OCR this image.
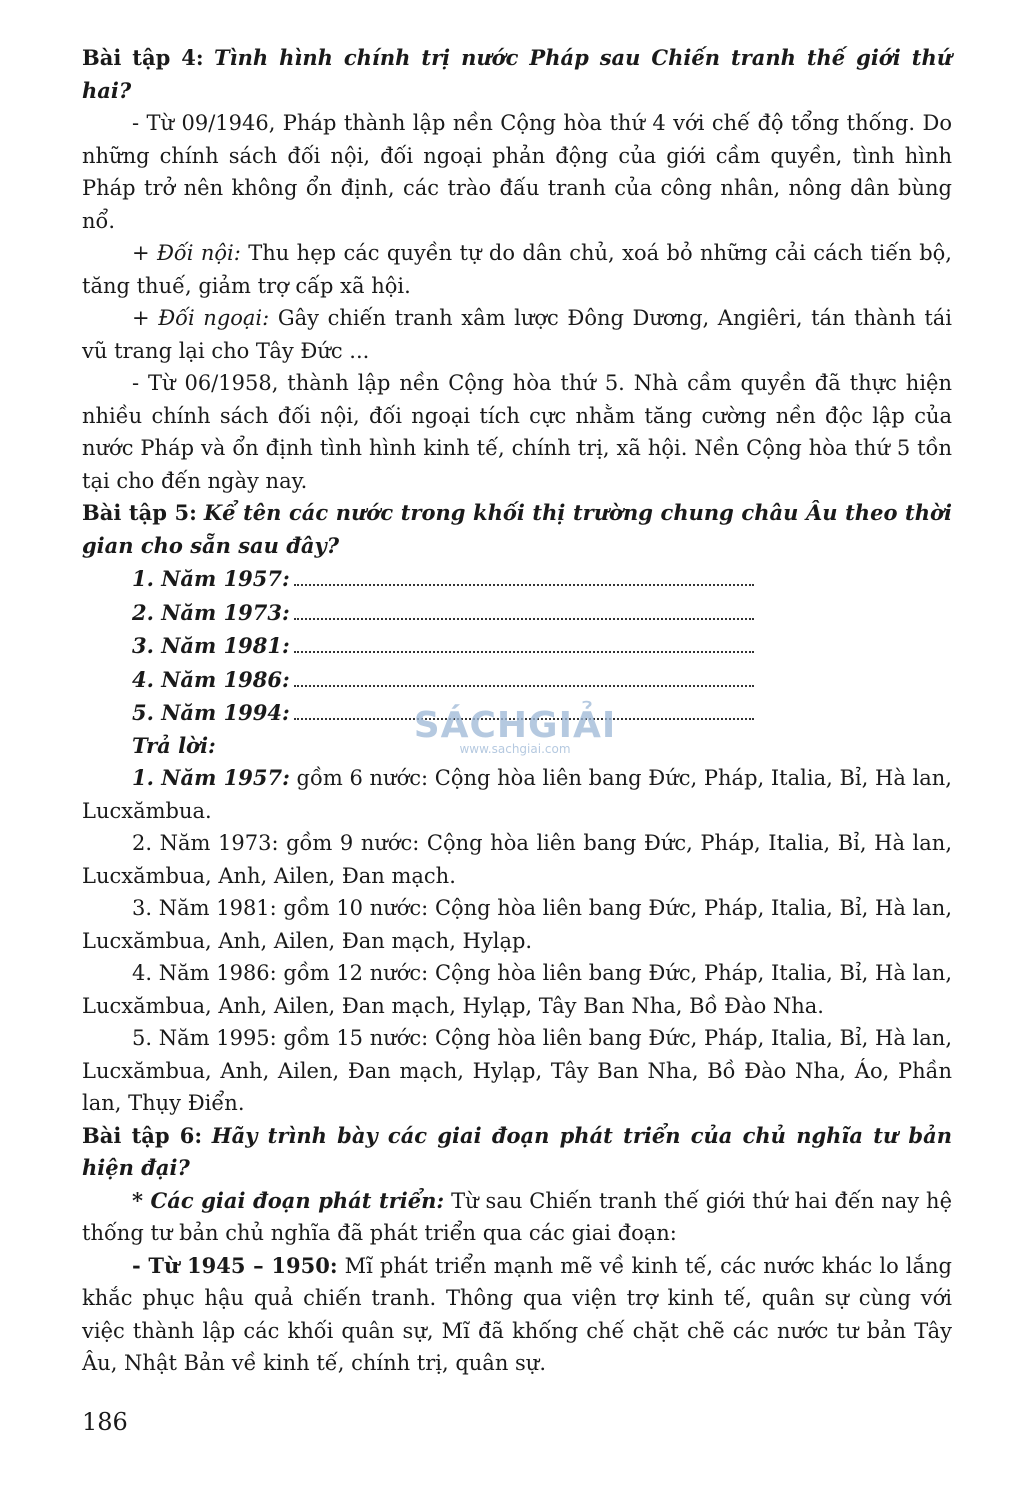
Bài tập 4: Tình hình chính trị nước Pháp sau Chiến tranh thế giới thứ hai?

- Từ 09/1946, Pháp thành lập nền Cộng hòa thứ 4 với chế độ tổng thống. Do những chính sách đối nội, đối ngoại phản động của giới cầm quyền, tình hình Pháp trở nên không ổn định, các trào đấu tranh của công nhân, nông dân bùng nổ.

+ Đối nội: Thu hẹp các quyền tự do dân chủ, xoá bỏ những cải cách tiến bộ, tăng thuế, giảm trợ cấp xã hội.

+ Đối ngoại: Gây chiến tranh xâm lược Đông Dương, Angiêri, tán thành tái vũ trang lại cho Tây Đức ...

- Từ 06/1958, thành lập nền Cộng hòa thứ 5. Nhà cầm quyền đã thực hiện nhiều chính sách đối nội, đối ngoại tích cực nhằm tăng cường nền độc lập của nước Pháp và ổn định tình hình kinh tế, chính trị, xã hội. Nền Cộng hòa thứ 5 tồn tại cho đến ngày nay.

Bài tập 5: Kể tên các nước trong khối thị trường chung châu Âu theo thời gian cho sẵn sau đây?

1. Năm 1957:
2. Năm 1973:
3. Năm 1981:
4. Năm 1986:
5. Năm 1994:

Trả lời:

1. Năm 1957: gồm 6 nước: Cộng hòa liên bang Đức, Pháp, Italia, Bỉ, Hà lan, Lucxămbua.

2. Năm 1973: gồm 9 nước: Cộng hòa liên bang Đức, Pháp, Italia, Bỉ, Hà lan, Lucxămbua, Anh, Ailen, Đan mạch.

3. Năm 1981: gồm 10 nước: Cộng hòa liên bang Đức, Pháp, Italia, Bỉ, Hà lan, Lucxămbua, Anh, Ailen, Đan mạch, Hylạp.

4. Năm 1986: gồm 12 nước: Cộng hòa liên bang Đức, Pháp, Italia, Bỉ, Hà lan, Lucxămbua, Anh, Ailen, Đan mạch, Hylạp, Tây Ban Nha, Bồ Đào Nha.

5. Năm 1995: gồm 15 nước: Cộng hòa liên bang Đức, Pháp, Italia, Bỉ, Hà lan, Lucxămbua, Anh, Ailen, Đan mạch, Hylạp, Tây Ban Nha, Bồ Đào Nha, Áo, Phần lan, Thụy Điển.

Bài tập 6: Hãy trình bày các giai đoạn phát triển của chủ nghĩa tư bản hiện đại?

* Các giai đoạn phát triển: Từ sau Chiến tranh thế giới thứ hai đến nay hệ thống tư bản chủ nghĩa đã phát triển qua các giai đoạn:

- Từ 1945 – 1950: Mĩ phát triển mạnh mẽ về kinh tế, các nước khác lo lắng khắc phục hậu quả chiến tranh. Thông qua viện trợ kinh tế, quân sự cùng với việc thành lập các khối quân sự, Mĩ đã khống chế chặt chẽ các nước tư bản Tây Âu, Nhật Bản về kinh tế, chính trị, quân sự.

SÁCHGIẢI
www.sachgiai.com
186
